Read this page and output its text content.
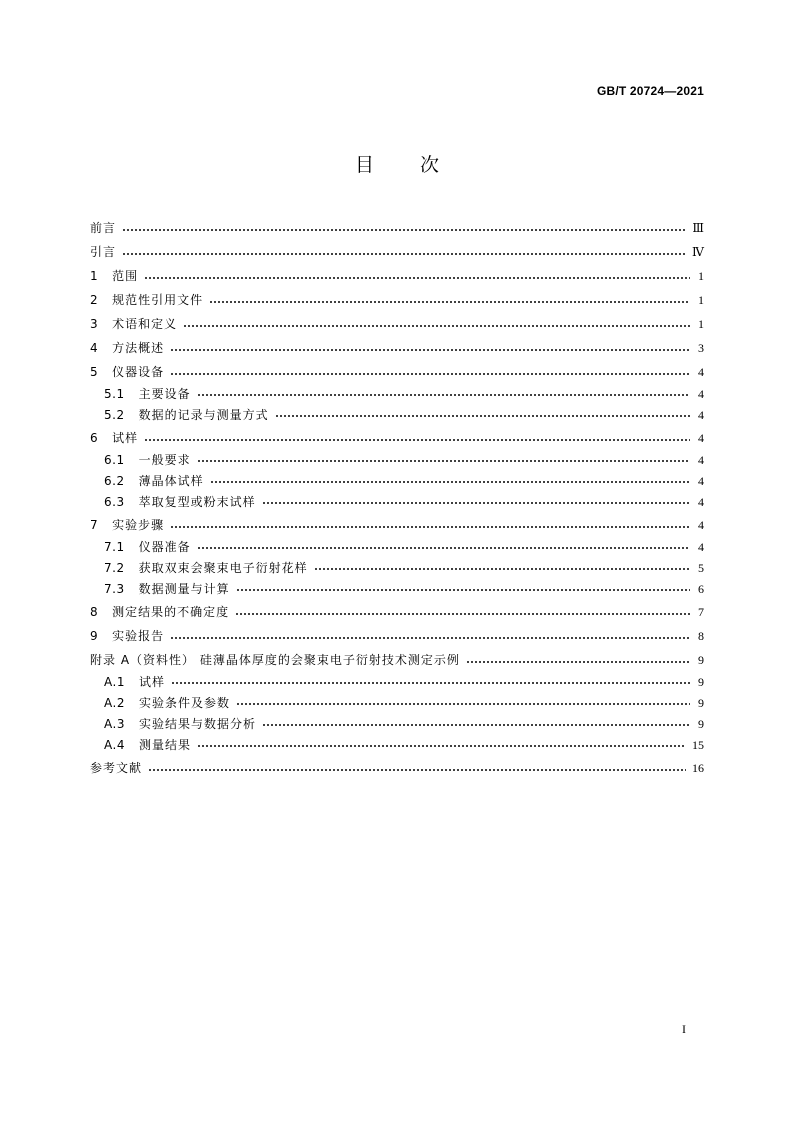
GB/T 20724—2021
目 次
前言	Ⅲ
引言	Ⅳ
1 范围	1
2 规范性引用文件	1
3 术语和定义	1
4 方法概述	3
5 仪器设备	4
5.1 主要设备	4
5.2 数据的记录与测量方式	4
6 试样	4
6.1 一般要求	4
6.2 薄晶体试样	4
6.3 萃取复型或粉末试样	4
7 实验步骤	4
7.1 仪器准备	4
7.2 获取双束会聚束电子衍射花样	5
7.3 数据测量与计算	6
8 测定结果的不确定度	7
9 实验报告	8
附录 A（资料性） 硅薄晶体厚度的会聚束电子衍射技术测定示例	9
A.1 试样	9
A.2 实验条件及参数	9
A.3 实验结果与数据分析	9
A.4 测量结果	15
参考文献	16
I
